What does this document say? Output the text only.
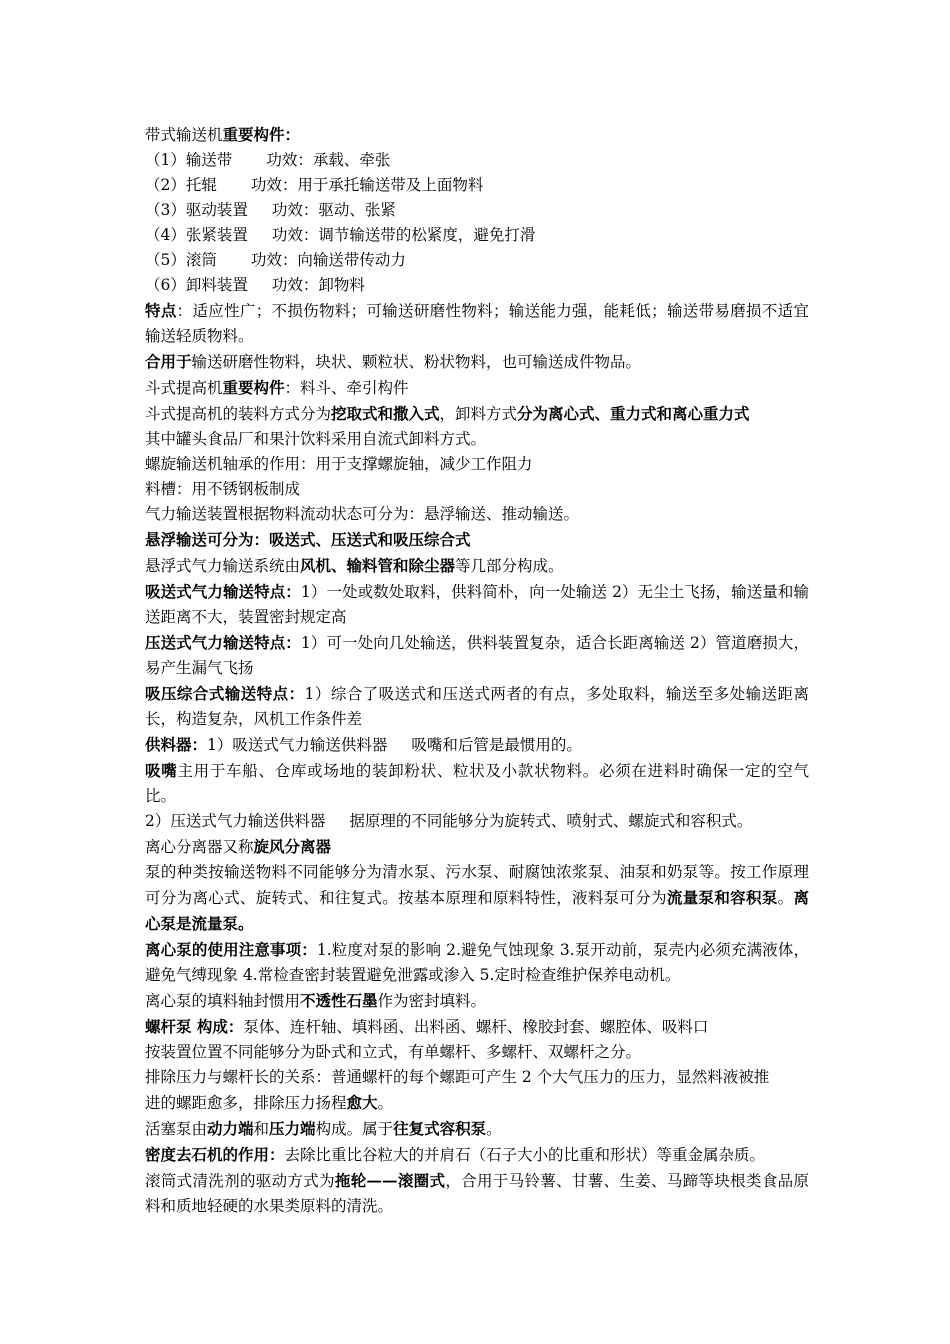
带式输送机重要构件：
（1）输送带 功效：承载、牵张
（2）托辊 功效：用于承托输送带及上面物料
（3）驱动装置 功效：驱动、张紧
（4）张紧装置 功效：调节输送带的松紧度，避免打滑
（5）滚筒 功效：向输送带传动力
（6）卸料装置 功效：卸物料
特点：适应性广；不损伤物料；可输送研磨性物料；输送能力强，能耗低；输送带易磨损不适宜输送轻质物料。
合用于输送研磨性物料，块状、颗粒状、粉状物料，也可输送成件物品。
斗式提高机重要构件：料斗、牵引构件
斗式提高机的装料方式分为挖取式和撒入式，卸料方式分为离心式、重力式和离心重力式
其中罐头食品厂和果汁饮料采用自流式卸料方式。
螺旋输送机轴承的作用：用于支撑螺旋轴，减少工作阻力
料槽：用不锈钢板制成
气力输送装置根据物料流动状态可分为：悬浮输送、推动输送。
悬浮输送可分为：吸送式、压送式和吸压综合式
悬浮式气力输送系统由风机、输料管和除尘器等几部分构成。
吸送式气力输送特点：1）一处或数处取料，供料简朴，向一处输送 2）无尘土飞扬，输送量和输送距离不大，装置密封规定高
压送式气力输送特点：1）可一处向几处输送，供料装置复杂，适合长距离输送 2）管道磨损大，易产生漏气飞扬
吸压综合式输送特点：1）综合了吸送式和压送式两者的有点，多处取料，输送至多处输送距离长，构造复杂，风机工作条件差
供料器：1）吸送式气力输送供料器 吸嘴和后管是最惯用的。
吸嘴主用于车船、仓库或场地的装卸粉状、粒状及小款状物料。必须在进料时确保一定的空气比。
2）压送式气力输送供料器 据原理的不同能够分为旋转式、喷射式、螺旋式和容积式。
离心分离器又称旋风分离器
泵的种类按输送物料不同能够分为清水泵、污水泵、耐腐蚀浓浆泵、油泵和奶泵等。按工作原理可分为离心式、旋转式、和往复式。按基本原理和原料特性，液料泵可分为流量泵和容积泵。离心泵是流量泵。
离心泵的使用注意事项：1.粒度对泵的影响 2.避免气蚀现象 3.泵开动前，泵壳内必须充满液体，避免气缚现象 4.常检查密封装置避免泄露或渗入 5.定时检查维护保养电动机。
离心泵的填料轴封惯用不透性石墨作为密封填料。
螺杆泵 构成：泵体、连杆轴、填料函、出料函、螺杆、橡胶封套、螺腔体、吸料口
按装置位置不同能够分为卧式和立式，有单螺杆、多螺杆、双螺杆之分。
排除压力与螺杆长的关系：普通螺杆的每个螺距可产生 2 个大气压力的压力，显然料液被推
进的螺距愈多，排除压力扬程愈大。
活塞泵由动力端和压力端构成。属于往复式容积泵。
密度去石机的作用：去除比重比谷粒大的并肩石（石子大小的比重和形状）等重金属杂质。
滚筒式清洗剂的驱动方式为拖轮——滚圈式，合用于马铃薯、甘薯、生姜、马蹄等块根类食品原料和质地轻硬的水果类原料的清洗。
